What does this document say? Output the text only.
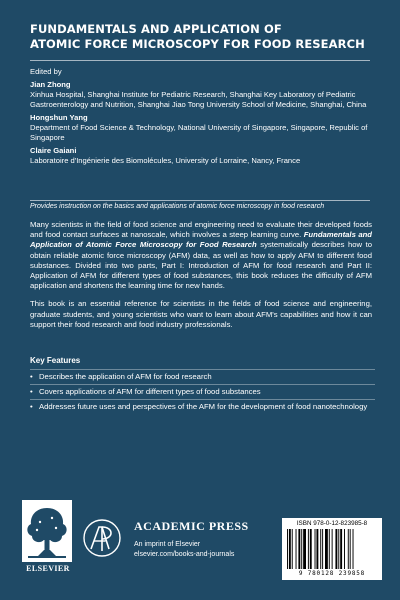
FUNDAMENTALS AND APPLICATION OF
ATOMIC FORCE MICROSCOPY FOR FOOD RESEARCH
Edited by
Jian Zhong
Xinhua Hospital, Shanghai Institute for Pediatric Research, Shanghai Key Laboratory of Pediatric Gastroenterology and Nutrition, Shanghai Jiao Tong University School of Medicine, Shanghai, China
Hongshun Yang
Department of Food Science & Technology, National University of Singapore, Singapore, Republic of Singapore
Claire Gaiani
Laboratoire d'Ingénierie des Biomolécules, University of Lorraine, Nancy, France
Provides instruction on the basics and applications of atomic force microscopy in food research

Many scientists in the field of food science and engineering need to evaluate their developed foods and food contact surfaces at nanoscale, which involves a steep learning curve. Fundamentals and Application of Atomic Force Microscopy for Food Research systematically describes how to obtain reliable atomic force microscopy (AFM) data, as well as how to apply AFM to different food substances. Divided into two parts, Part I: Introduction of AFM for food research and Part II: Application of AFM for different types of food substances, this book reduces the difficulty of AFM application and shortens the learning time for new hands.

This book is an essential reference for scientists in the fields of food science and engineering, graduate students, and young scientists who want to learn about AFM's capabilities and how it can support their food research and food industry professionals.

Key Features
• Describes the application of AFM for food research
• Covers applications of AFM for different types of food substances
• Addresses future uses and perspectives of the AFM for the development of food nanotechnology
ELSEVIER
ACADEMIC PRESS
An imprint of Elsevier
elsevier.com/books-and-journals
ISBN 978-0-12-823985-8
9 780128 239858
